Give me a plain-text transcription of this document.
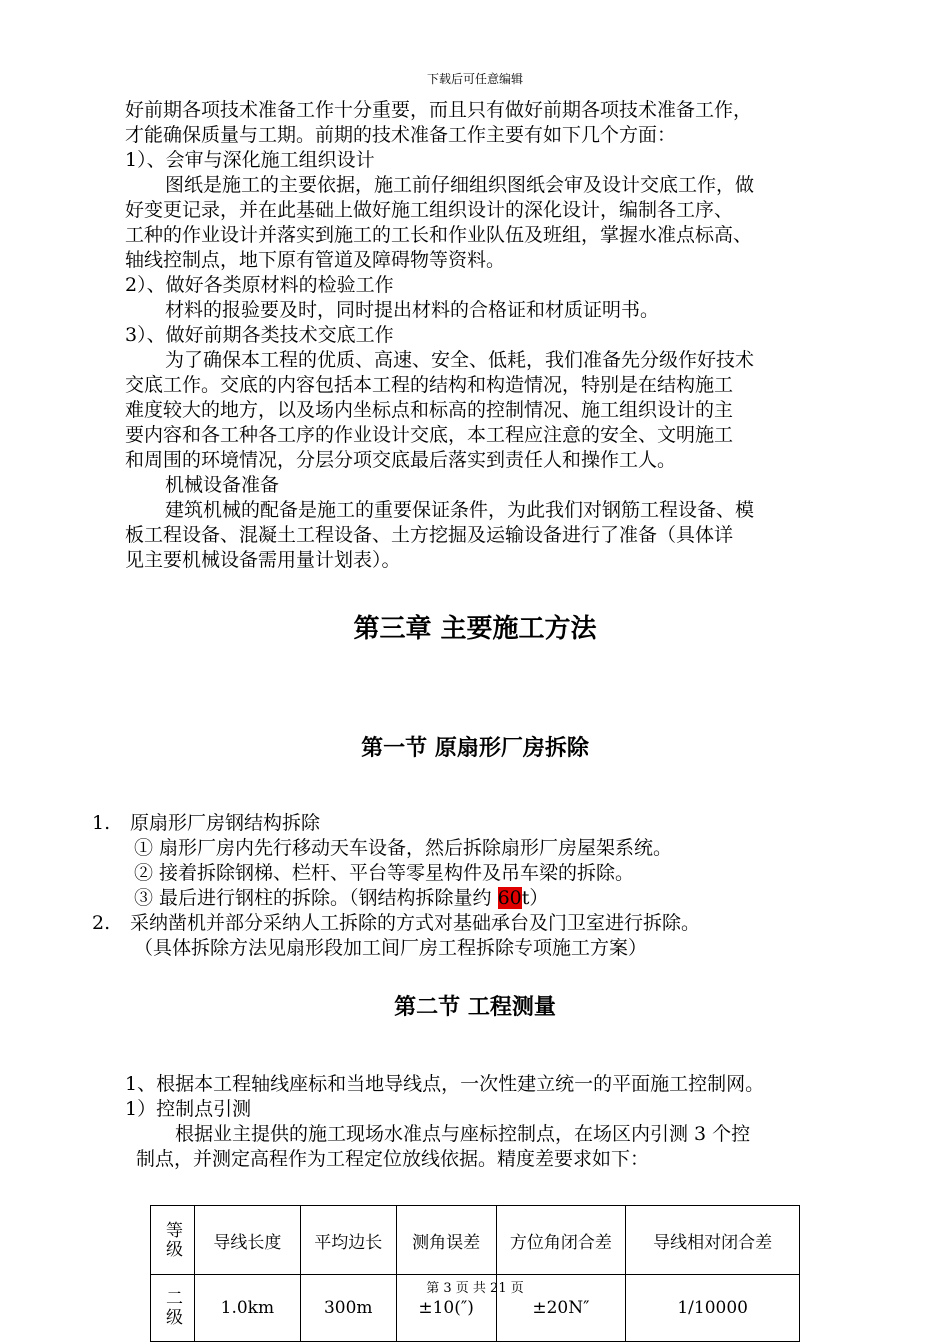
下载后可任意编辑
好前期各项技术准备工作十分重要，而且只有做好前期各项技术准备工作，
才能确保质量与工期。前期的技术准备工作主要有如下几个方面：
1）、会审与深化施工组织设计
图纸是施工的主要依据，施工前仔细组织图纸会审及设计交底工作，做
好变更记录，并在此基础上做好施工组织设计的深化设计，编制各工序、
工种的作业设计并落实到施工的工长和作业队伍及班组，掌握水准点标高、
轴线控制点，地下原有管道及障碍物等资料。
2）、做好各类原材料的检验工作
材料的报验要及时，同时提出材料的合格证和材质证明书。
3）、做好前期各类技术交底工作
为了确保本工程的优质、高速、安全、低耗，我们准备先分级作好技术
交底工作。交底的内容包括本工程的结构和构造情况，特别是在结构施工
难度较大的地方，以及场内坐标点和标高的控制情况、施工组织设计的主
要内容和各工种各工序的作业设计交底，本工程应注意的安全、文明施工
和周围的环境情况，分层分项交底最后落实到责任人和操作工人。
机械设备准备
建筑机械的配备是施工的重要保证条件，为此我们对钢筋工程设备、模
板工程设备、混凝土工程设备、土方挖掘及运输设备进行了准备（具体详
见主要机械设备需用量计划表）。
第三章 主要施工方法
第一节 原扇形厂房拆除
1. 原扇形厂房钢结构拆除
① 扇形厂房内先行移动天车设备，然后拆除扇形厂房屋架系统。
② 接着拆除钢梯、栏杆、平台等零星构件及吊车梁的拆除。
③ 最后进行钢柱的拆除。（钢结构拆除量约 60t）
2. 采纳凿机并部分采纳人工拆除的方式对基础承台及门卫室进行拆除。
（具体拆除方法见扇形段加工间厂房工程拆除专项施工方案）
第二节 工程测量
1、根据本工程轴线座标和当地导线点，一次性建立统一的平面施工控制网。
1）控制点引测
根据业主提供的施工现场水准点与座标控制点，在场区内引测 3 个控
制点，并测定高程作为工程定位放线依据。精度差要求如下：
等级	导线长度	平均边长	测角误差	方位角闭合差	导线相对闭合差
二级	1.0km	300m	±10(″)	±20N″	1/10000
第 3 页 共 21 页
